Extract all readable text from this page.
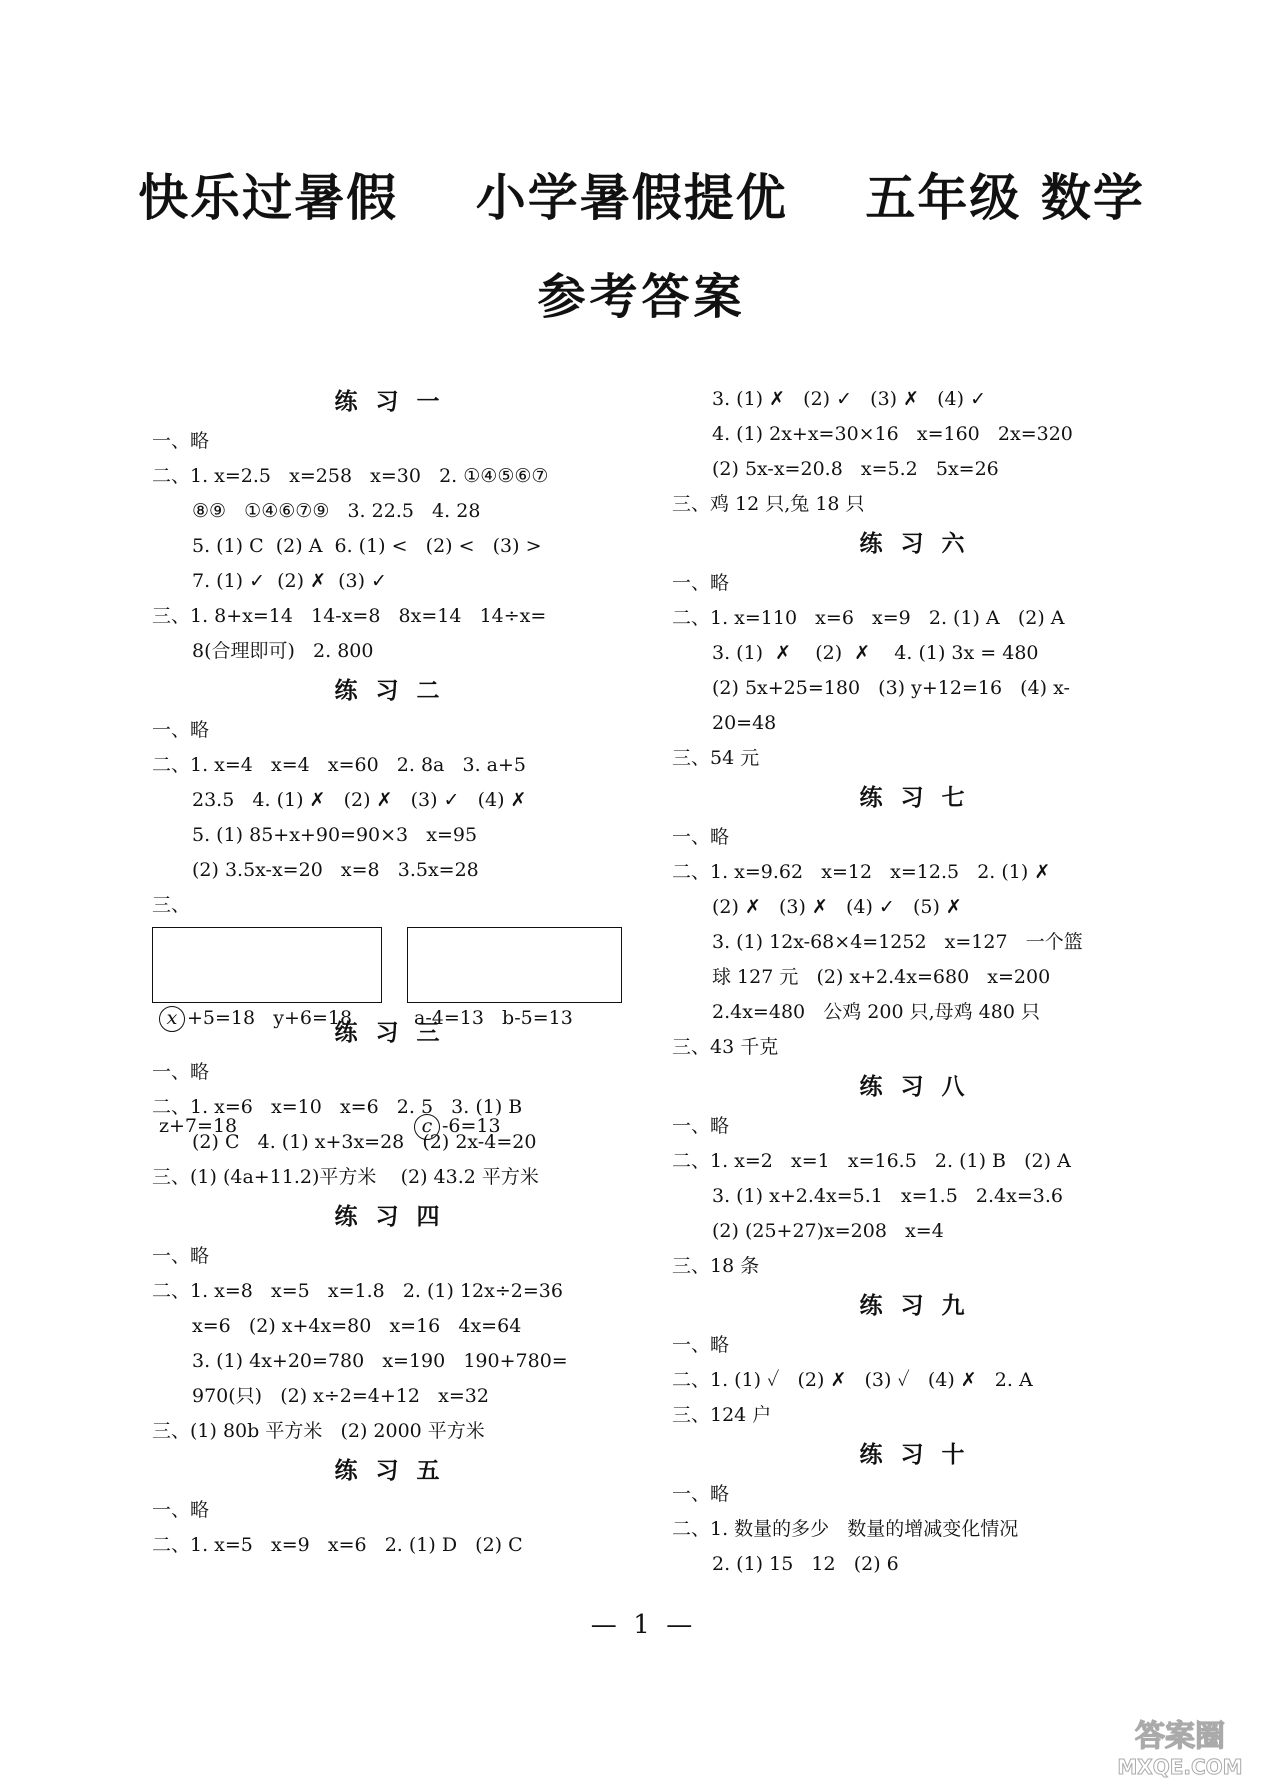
快乐过暑假    小学暑假提优    五年级 数学
参考答案
练 习 一
一、略
二、1. x=2.5   x=258   x=30   2. ①④⑤⑥⑦
⑧⑨   ①④⑥⑦⑨   3. 22.5   4. 28
5. (1) C  (2) A  6. (1) <   (2) <   (3) >
7. (1) ✓  (2) ✗  (3) ✓
三、1. 8+x=14   14-x=8   8x=14   14÷x=
8(合理即可)   2. 800
练 习 二
一、略
二、1. x=4   x=4   x=60   2. 8a   3. a+5
23.5   4. (1) ✗   (2) ✗   (3) ✓   (4) ✗
5. (1) 85+x+90=90×3   x=95
(2) 3.5x-x=20   x=8   3.5x=28
三、

x +5=18   y+6=18

z+7=18

a-4=13   b-5=13

c -6=13

练 习 三
一、略
二、1. x=6   x=10   x=6   2. 5   3. (1) B
(2) C   4. (1) x+3x=28   (2) 2x-4=20
三、(1) (4a+11.2)平方米    (2) 43.2 平方米
练 习 四
一、略
二、1. x=8   x=5   x=1.8   2. (1) 12x÷2=36
x=6   (2) x+4x=80   x=16   4x=64
3. (1) 4x+20=780   x=190   190+780=
970(只)   (2) x÷2=4+12   x=32
三、(1) 80b 平方米   (2) 2000 平方米
练 习 五
一、略
二、1. x=5   x=9   x=6   2. (1) D   (2) C
3. (1) ✗   (2) ✓   (3) ✗   (4) ✓
4. (1) 2x+x=30×16   x=160   2x=320
(2) 5x-x=20.8   x=5.2   5x=26
三、鸡 12 只,兔 18 只
练 习 六
一、略
二、1. x=110   x=6   x=9   2. (1) A   (2) A
3. (1)  ✗    (2)  ✗    4. (1) 3x = 480
(2) 5x+25=180   (3) y+12=16   (4) x-
20=48
三、54 元
练 习 七
一、略
二、1. x=9.62   x=12   x=12.5   2. (1) ✗
(2) ✗   (3) ✗   (4) ✓   (5) ✗
3. (1) 12x-68×4=1252   x=127   一个篮
球 127 元   (2) x+2.4x=680   x=200
2.4x=480   公鸡 200 只,母鸡 480 只
三、43 千克
练 习 八
一、略
二、1. x=2   x=1   x=16.5   2. (1) B   (2) A
3. (1) x+2.4x=5.1   x=1.5   2.4x=3.6
(2) (25+27)x=208   x=4
三、18 条
练 习 九
一、略
二、1. (1) ✓   (2) ✗   (3) ✓   (4) ✗   2. A
三、124 户
练 习 十
一、略
二、1. 数量的多少   数量的增减变化情况
2. (1) 15   12   (2) 6
—  1  —
答案圈
MXQE.COM
